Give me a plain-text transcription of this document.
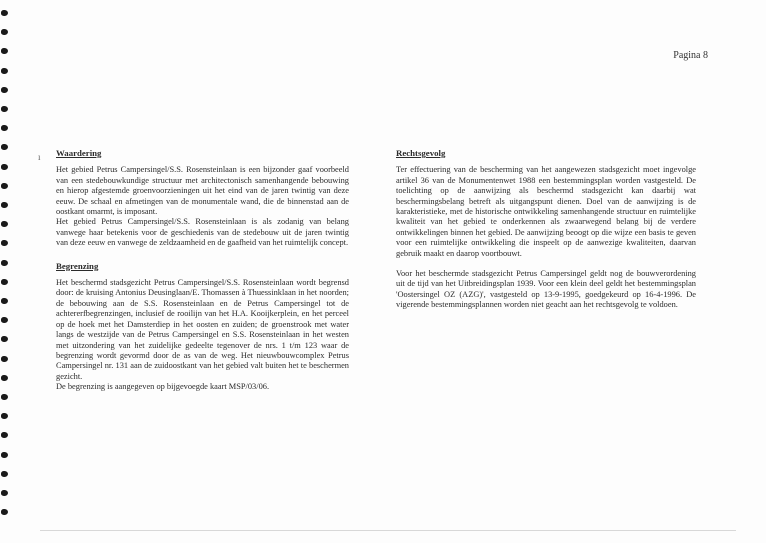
Pagina 8
ı Waardering

Het gebied Petrus Campersingel/S.S. Rosensteinlaan is een bijzonder gaaf voorbeeld van een stedebouwkundige structuur met architectonisch samenhangende bebouwing en hierop afgestemde groenvoorzieningen uit het eind van de jaren twintig van deze eeuw. De schaal en afmetingen van de monumentale wand, die de binnenstad aan de oostkant omarmt, is imposant.

Het gebied Petrus Campersingel/S.S. Rosensteinlaan is als zodanig van belang vanwege haar betekenis voor de geschiedenis van de stedebouw uit de jaren twintig van deze eeuw en vanwege de zeldzaamheid en de gaafheid van het ruimtelijk concept.

Begrenzing

Het beschermd stadsgezicht Petrus Campersingel/S.S. Rosensteinlaan wordt begrensd door: de kruising Antonius Deusinglaan/E. Thomassen à Thuessinklaan in het noorden; de bebouwing aan de S.S. Rosensteinlaan en de Petrus Campersingel tot de achtererfbegrenzingen, inclusief de rooilijn van het H.A. Kooijkerplein, en het perceel op de hoek met het Damsterdiep in het oosten en zuiden; de groenstrook met water langs de westzijde van de Petrus Campersingel en S.S. Rosensteinlaan in het westen met uitzondering van het zuidelijke gedeelte tegenover de nrs. 1 t/m 123 waar de begrenzing wordt gevormd door de as van de weg. Het nieuwbouwcomplex Petrus Campersingel nr. 131 aan de zuidoostkant van het gebied valt buiten het te beschermen gezicht.

De begrenzing is aangegeven op bijgevoegde kaart MSP/03/06.

Rechtsgevolg

Ter effectuering van de bescherming van het aangewezen stadsgezicht moet ingevolge artikel 36 van de Monumentenwet 1988 een bestemmingsplan worden vastgesteld. De toelichting op de aanwijzing als beschermd stadsgezicht kan daarbij wat beschermingsbelang betreft als uitgangspunt dienen. Doel van de aanwijzing is de karakteristieke, met de historische ontwikkeling samenhangende structuur en ruimtelijke kwaliteit van het gebied te onderkennen als zwaarwegend belang bij de verdere ontwikkelingen binnen het gebied. De aanwijzing beoogt op die wijze een basis te geven voor een ruimtelijke ontwikkeling die inspeelt op de aanwezige kwaliteiten, daarvan gebruik maakt en daarop voortbouwt.

Voor het beschermde stadsgezicht Petrus Campersingel geldt nog de bouwverordening uit de tijd van het Uitbreidingsplan 1939. Voor een klein deel geldt het bestemmingsplan 'Oostersingel OZ (AZG)', vastgesteld op 13-9-1995, goedgekeurd op 16-4-1996. De vigerende bestemmingsplannen worden niet geacht aan het rechtsgevolg te voldoen.
